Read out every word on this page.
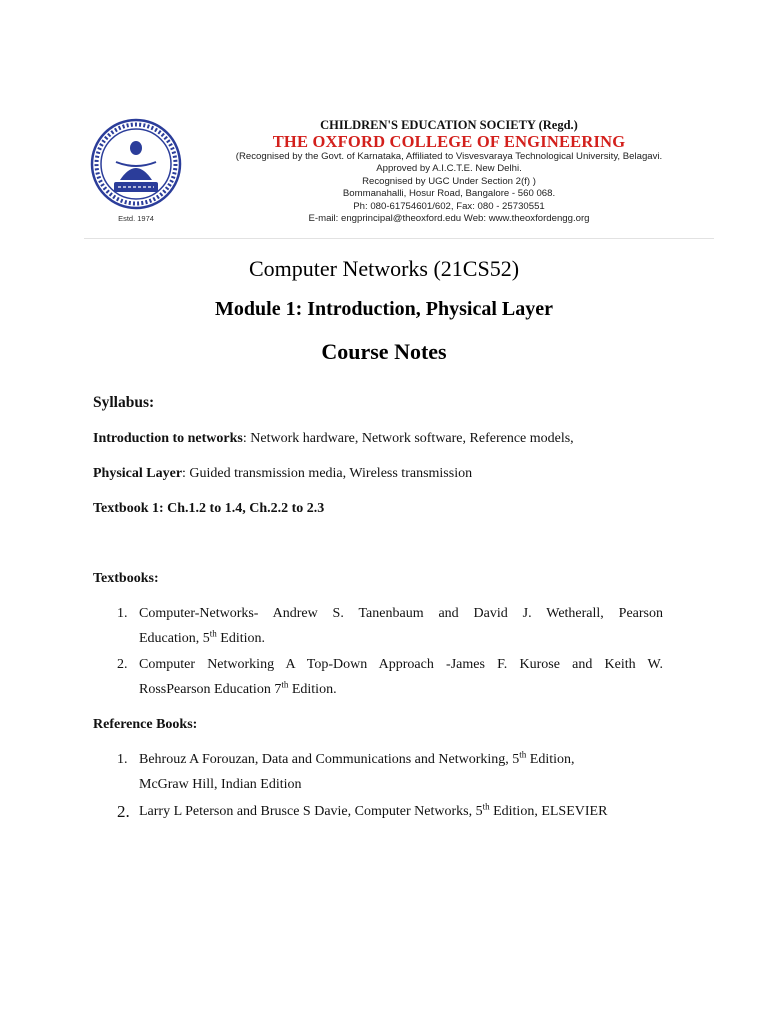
Estd. 1974
CHILDREN'S EDUCATION SOCIETY (Regd.)
THE OXFORD COLLEGE OF ENGINEERING
(Recognised by the Govt. of Karnataka, Affiliated to Visvesvaraya Technological University, Belagavi.
Approved by A.I.C.T.E. New Delhi.
Recognised by UGC Under Section 2(f) )
Bommanahalli, Hosur Road, Bangalore - 560 068.
Ph: 080-61754601/602, Fax: 080 - 25730551
E-mail: engprincipal@theoxford.edu Web: www.theoxfordengg.org
Computer Networks (21CS52)
Module 1: Introduction, Physical Layer
Course Notes
Syllabus:
Introduction to networks: Network hardware, Network software, Reference models,
Physical Layer: Guided transmission media, Wireless transmission
Textbook 1: Ch.1.2 to 1.4, Ch.2.2 to 2.3
Textbooks:
1. Computer-Networks- Andrew S. Tanenbaum and David J. Wetherall, Pearson
Education, 5th Edition.
2. Computer Networking A Top-Down Approach -James F. Kurose and Keith W.
RossPearson Education 7th Edition.
Reference Books:
1. Behrouz A Forouzan, Data and Communications and Networking, 5th Edition,
McGraw Hill, Indian Edition
2. Larry L Peterson and Brusce S Davie, Computer Networks, 5th Edition, ELSEVIER
